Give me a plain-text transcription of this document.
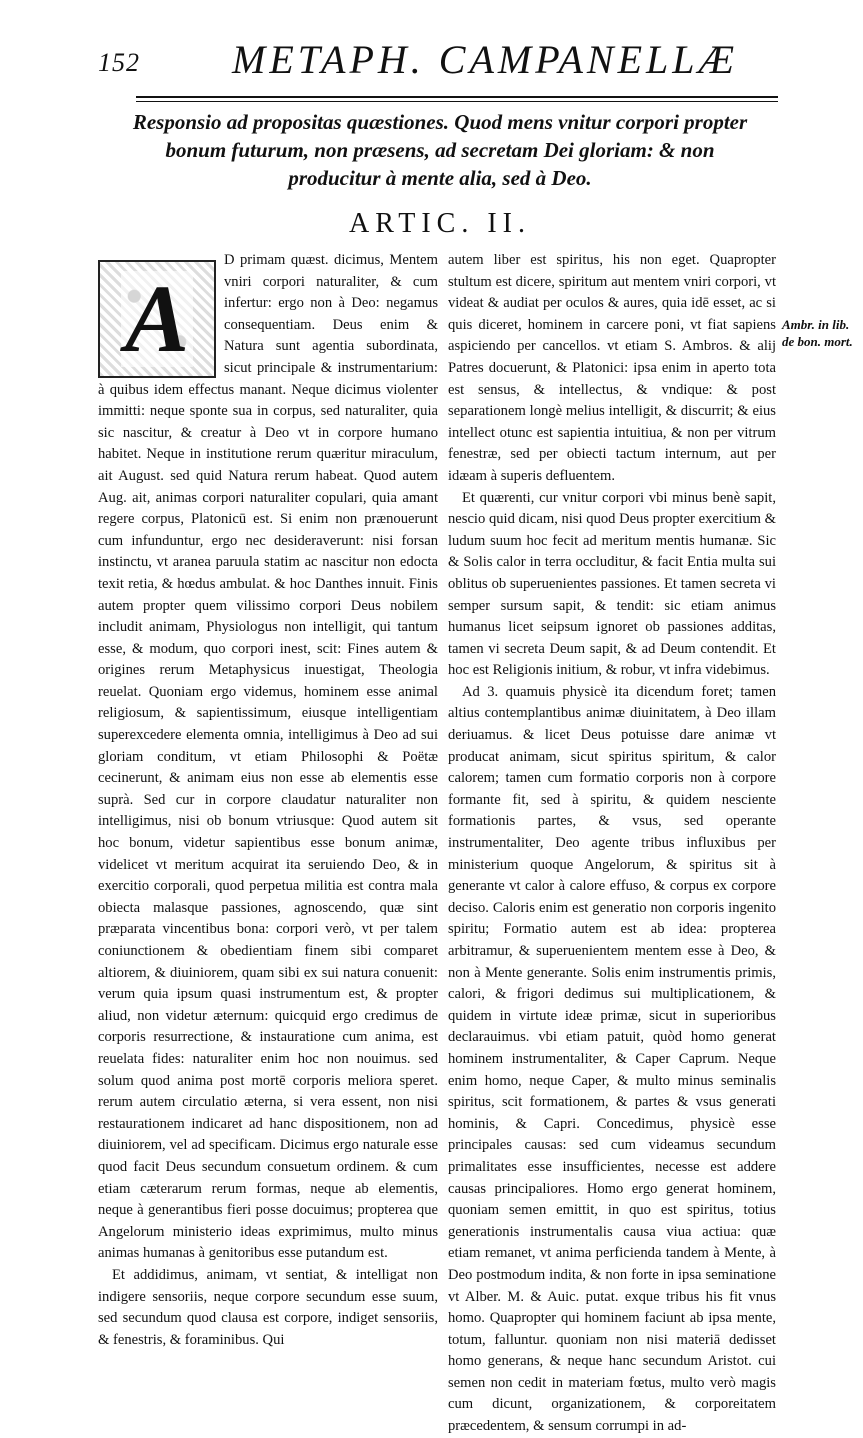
152 METAPH. CAMPANELLÆ
Responsio ad propositas quæstiones. Quod mens vnitur corpori propter bonum futurum, non præsens, ad secretam Dei gloriam: & non producitur à mente alia, sed à Deo.
ARTIC. II.
A

D primam quæst. dicimus, Mentem vniri corpori naturaliter, & cum infertur: ergo non à Deo: negamus consequentiam. Deus enim & Natura sunt agentia subordinata, sicut principale & instrumentarium: à quibus idem effectus manant. Neque dicimus violenter immitti: neque sponte sua in corpus, sed naturaliter, quia sic nascitur, & creatur à Deo vt in corpore humano habitet. Neque in institutione rerum quæritur miraculum, ait August. sed quid Natura rerum habeat. Quod autem Aug. ait, animas corpori naturaliter copulari, quia amant regere corpus, Platonicū est. Si enim non prænouerunt cum infunduntur, ergo nec desideraverunt: nisi forsan instinctu, vt aranea paruula statim ac nascitur non edocta texit retia, & hœdus ambulat. & hoc Danthes innuit. Finis autem propter quem vilissimo corpori Deus nobilem includit animam, Physiologus non intelligit, qui tantum esse, & modum, quo corpori inest, scit: Fines autem & origines rerum Metaphysicus inuestigat, Theologia reuelat. Quoniam ergo videmus, hominem esse animal religiosum, & sapientissimum, eiusque intelligentiam superexcedere elementa omnia, intelligimus à Deo ad sui gloriam conditum, vt etiam Philosophi & Poëtæ cecinerunt, & animam eius non esse ab elementis esse suprà. Sed cur in corpore claudatur naturaliter non intelligimus, nisi ob bonum vtriusque: Quod autem sit hoc bonum, videtur sapientibus esse bonum animæ, videlicet vt meritum acquirat ita seruiendo Deo, & in exercitio corporali, quod perpetua militia est contra mala obiecta malasque passiones, agnoscendo, quæ sint præparata vincentibus bona: corpori verò, vt per talem coniunctionem & obedientiam finem sibi comparet altiorem, & diuiniorem, quam sibi ex sui natura conuenit: verum quia ipsum quasi instrumentum est, & propter aliud, non videtur æternum: quicquid ergo credimus de corporis resurrectione, & instauratione cum anima, est reuelata fides: naturaliter enim hoc non nouimus. sed solum quod anima post mortē corporis meliora speret. rerum autem circulatio æterna, si vera essent, non nisi restaurationem indicaret ad hanc dispositionem, non ad diuiniorem, vel ad specificam. Dicimus ergo naturale esse quod facit Deus secundum consuetum ordinem. & cum etiam cæterarum rerum formas, neque ab elementis, neque à generantibus fieri posse docuimus; propterea que Angelorum ministerio ideas exprimimus, multo minus animas humanas à genitoribus esse putandum est.

Et addidimus, animam, vt sentiat, & intelligat non indigere sensoriis, neque corpore secundum esse suum, sed secundum quod clausa est corpore, indiget sensoriis, & fenestris, & foraminibus. Qui

autem liber est spiritus, his non eget. Quapropter stultum est dicere, spiritum aut mentem vniri corpori, vt videat & audiat per oculos & aures, quia idē esset, ac si quis diceret, hominem in carcere poni, vt fiat sapiens aspiciendo per cancellos. vt etiam S. Ambros. & alij Patres docuerunt, & Platonici: ipsa enim in aperto tota est sensus, & intellectus, & vndique: & post separationem longè melius intelligit, & discurrit; & eius intellect otunc est sapientia intuitiua, & non per vitrum fenestræ, sed per obiecti tactum internum, aut per idæam à superis defluentem.

Et quærenti, cur vnitur corpori vbi minus benè sapit, nescio quid dicam, nisi quod Deus propter exercitium & ludum suum hoc fecit ad meritum mentis humanæ. Sic & Solis calor in terra occluditur, & facit Entia multa sui oblitus ob superuenientes passiones. Et tamen secreta vi semper sursum sapit, & tendit: sic etiam animus humanus licet seipsum ignoret ob passiones additas, tamen vi secreta Deum sapit, & ad Deum contendit. Et hoc est Religionis initium, & robur, vt infra videbimus.

Ad 3. quamuis physicè ita dicendum foret; tamen altius contemplantibus animæ diuinitatem, à Deo illam deriuamus. & licet Deus potuisse dare animæ vt producat animam, sicut spiritus spiritum, & calor calorem; tamen cum formatio corporis non à corpore formante fit, sed à spiritu, & quidem nesciente formationis partes, & vsus, sed operante instrumentaliter, Deo agente tribus influxibus per ministerium quoque Angelorum, & spiritus sit à generante vt calor à calore effuso, & corpus ex corpore deciso. Caloris enim est generatio non corporis ingenito spiritu; Formatio autem est ab idea: propterea arbitramur, & superuenientem mentem esse à Deo, & non à Mente generante. Solis enim instrumentis primis, calori, & frigori dedimus sui multiplicationem, & quidem in virtute ideæ primæ, sicut in superioribus declarauimus. vbi etiam patuit, quòd homo generat hominem instrumentaliter, & Caper Caprum. Neque enim homo, neque Caper, & multo minus seminalis spiritus, scit formationem, & partes & vsus generati hominis, & Capri. Concedimus, physicè esse principales causas: sed cum videamus secundum primalitates esse insufficientes, necesse est addere causas principaliores. Homo ergo generat hominem, quoniam semen emittit, in quo est spiritus, totius generationis instrumentalis causa viua actiua: quæ etiam remanet, vt anima perficienda tandem à Mente, à Deo postmodum indita, & non forte in ipsa seminatione vt Alber. M. & Auic. putat. exque tribus his fit vnus homo. Quapropter qui hominem faciunt ab ipsa mente, totum, falluntur. quoniam non nisi materiā dedisset homo generans, & neque hanc secundum Aristot. cui semen non cedit in materiam fœtus, multo verò magis cum dicunt, organizationem, & corporeitatem præcedentem, & sensum corrumpi in ad-

Ambr. in lib. de bon. mort.
